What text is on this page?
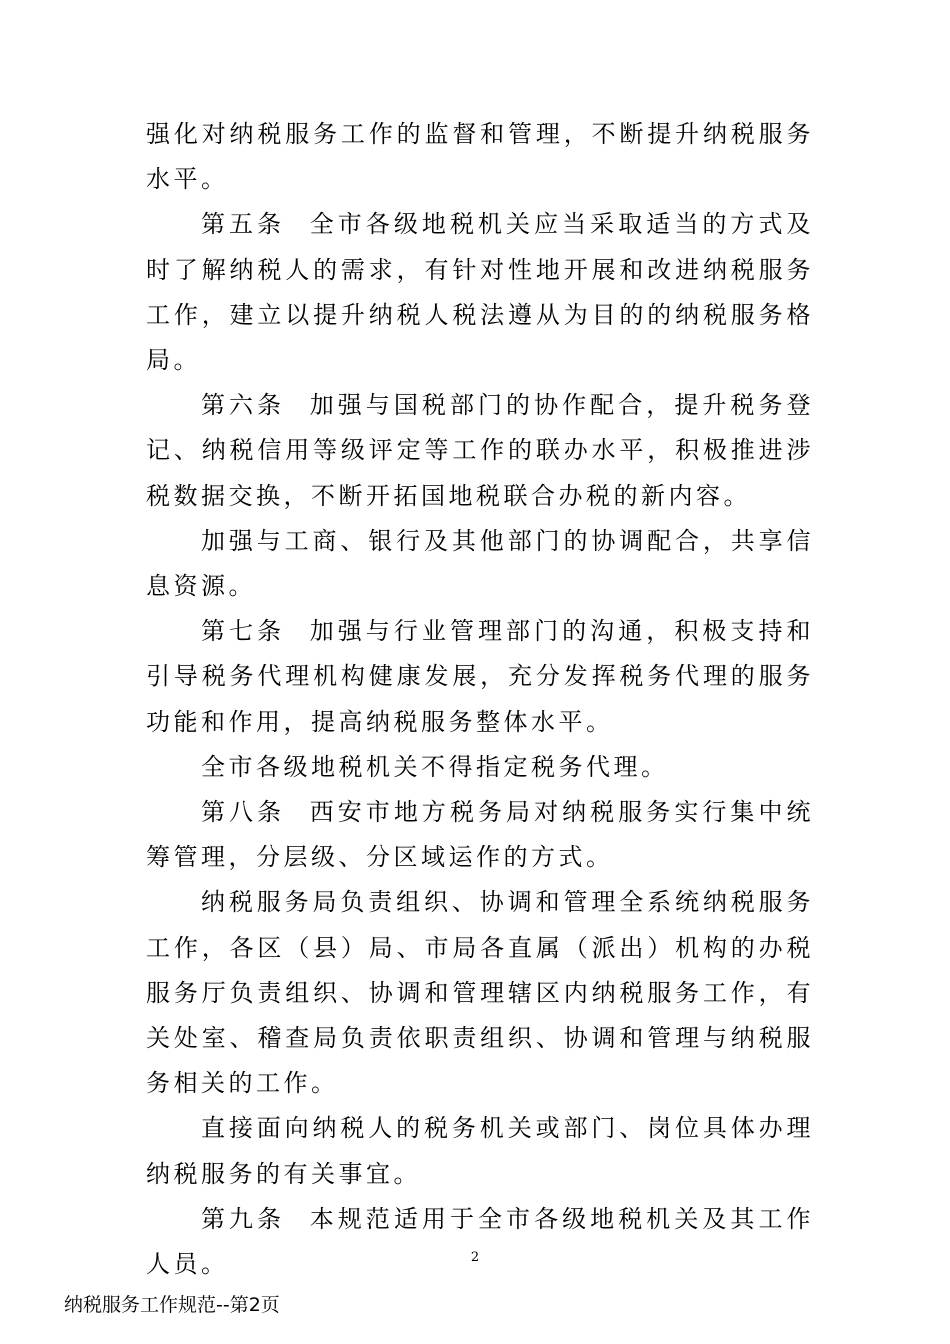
强化对纳税服务工作的监督和管理，不断提升纳税服务水平。

第五条 全市各级地税机关应当采取适当的方式及时了解纳税人的需求，有针对性地开展和改进纳税服务工作，建立以提升纳税人税法遵从为目的的纳税服务格局。

第六条 加强与国税部门的协作配合，提升税务登记、纳税信用等级评定等工作的联办水平，积极推进涉税数据交换，不断开拓国地税联合办税的新内容。

加强与工商、银行及其他部门的协调配合，共享信息资源。

第七条 加强与行业管理部门的沟通，积极支持和引导税务代理机构健康发展，充分发挥税务代理的服务功能和作用，提高纳税服务整体水平。

全市各级地税机关不得指定税务代理。

第八条 西安市地方税务局对纳税服务实行集中统筹管理，分层级、分区域运作的方式。

纳税服务局负责组织、协调和管理全系统纳税服务工作，各区（县）局、市局各直属（派出）机构的办税服务厅负责组织、协调和管理辖区内纳税服务工作，有关处室、稽查局负责依职责组织、协调和管理与纳税服务相关的工作。

直接面向纳税人的税务机关或部门、岗位具体办理纳税服务的有关事宜。

第九条 本规范适用于全市各级地税机关及其工作人员。	2
纳税服务工作规范--第2页
